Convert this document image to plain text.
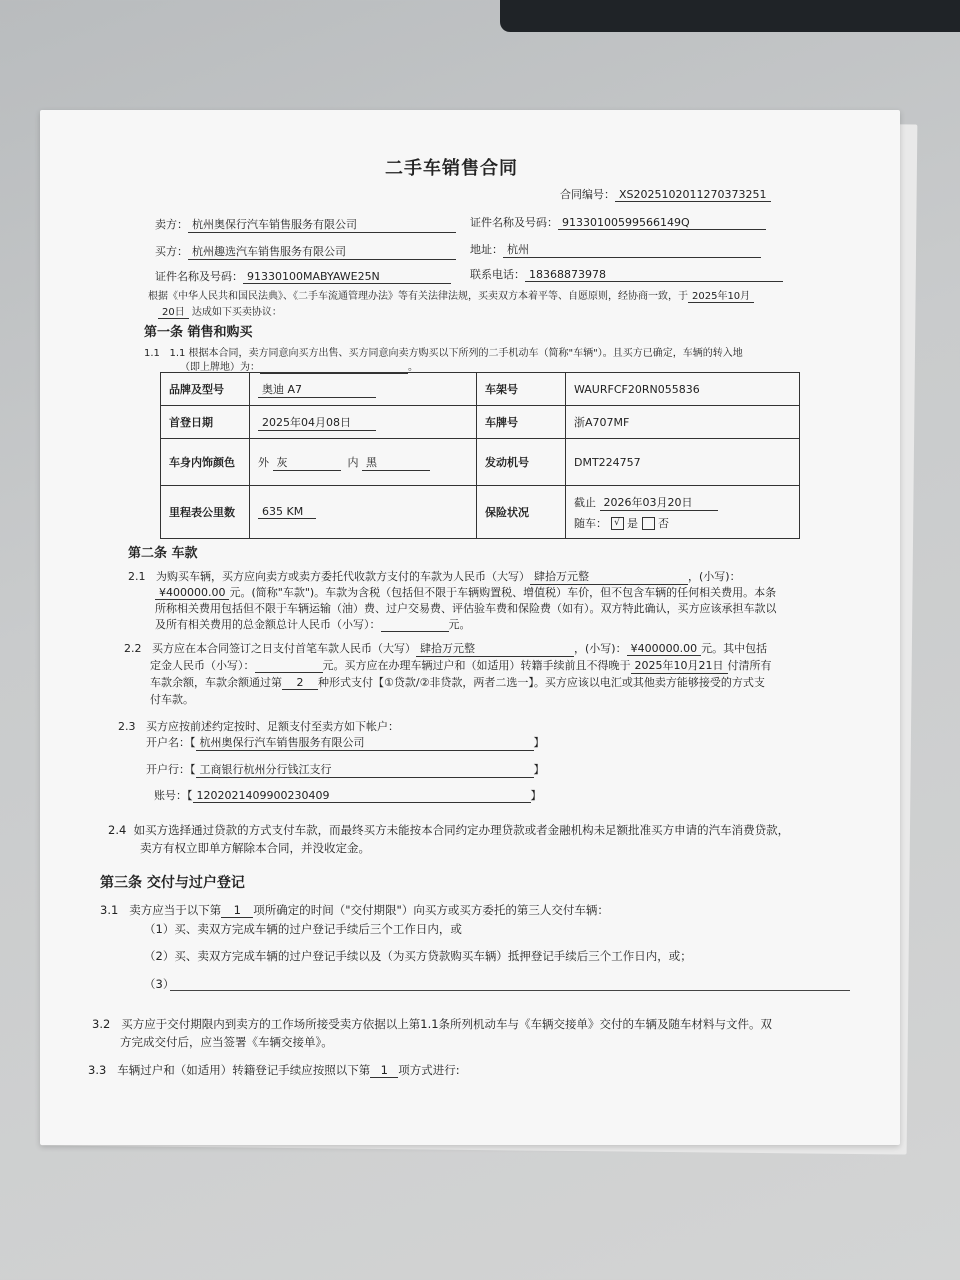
二手车销售合同
合同编号： XS2025102011270373251
卖方： 杭州奥保行汽车销售服务有限公司	证件名称及号码： 91330100599566149Q
买方： 杭州趣选汽车销售服务有限公司	地址： 杭州
证件名称及号码： 91330100MABYAWE25N	联系电话： 18368873978
根据《中华人民共和国民法典》、《二手车流通管理办法》等有关法律法规，买卖双方本着平等、自愿原则，经协商一致，于 2025年10月
20日 达成如下买卖协议：
第一条 销售和购买
1.1 1.1 根据本合同，卖方同意向买方出售、买方同意向卖方购买以下所列的二手机动车（简称"车辆"）。且买方已确定，车辆的转入地
（即上牌地）为：	。
品牌及型号	奥迪 A7	车架号	WAURFCF20RN055836
首登日期	2025年04月08日	车牌号	浙A707MF
车身内饰颜色	外 灰 内 黑	发动机号	DMT224757
里程表公里数	635 KM	保险状况	截止 2026年03月20日
随车： √ 是 否
第二条 车款
2.1 为购买车辆，买方应向卖方或卖方委托代收款方支付的车款为人民币（大写） 肆拾万元整	，(小写)：
¥400000.00 元。(简称"车款")。车款为含税（包括但不限于车辆购置税、增值税）车价，但不包含车辆的任何相关费用。本条
所称相关费用包括但不限于车辆运输（油）费、过户交易费、评估验车费和保险费（如有）。双方特此确认，买方应该承担车款以
及所有相关费用的总金额总计人民币（小写）：	元。
2.2 买方应在本合同签订之日支付首笔车款人民币（大写） 肆拾万元整	，(小写)： ¥400000.00 元。其中包括
定金人民币（小写）：	元。买方应在办理车辆过户和（如适用）转籍手续前且不得晚于 2025年10月21日 付清所有
车款余额，车款余额通过第 2 种形式支付【①贷款/②非贷款，两者二选一】。买方应该以电汇或其他卖方能够接受的方式支
付车款。
2.3 买方应按前述约定按时、足额支付至卖方如下帐户：
开户名：【 杭州奥保行汽车销售服务有限公司	】
开户行：【 工商银行杭州分行钱江支行	】
账号：【 1202021409900230409	】
2.4 如买方选择通过贷款的方式支付车款，而最终买方未能按本合同约定办理贷款或者金融机构未足额批准买方申请的汽车消费贷款，
卖方有权立即单方解除本合同，并没收定金。
第三条 交付与过户登记
3.1 卖方应当于以下第 1 项所确定的时间（"交付期限"）向买方或买方委托的第三人交付车辆：
（1）买、卖双方完成车辆的过户登记手续后三个工作日内，或
（2）买、卖双方完成车辆的过户登记手续以及（为买方贷款购买车辆）抵押登记手续后三个工作日内，或；
（3）
3.2 买方应于交付期限内到卖方的工作场所接受卖方依据以上第1.1条所列机动车与《车辆交接单》交付的车辆及随车材料与文件。双
方完成交付后，应当签署《车辆交接单》。
3.3 车辆过户和（如适用）转籍登记手续应按照以下第 1 项方式进行:
